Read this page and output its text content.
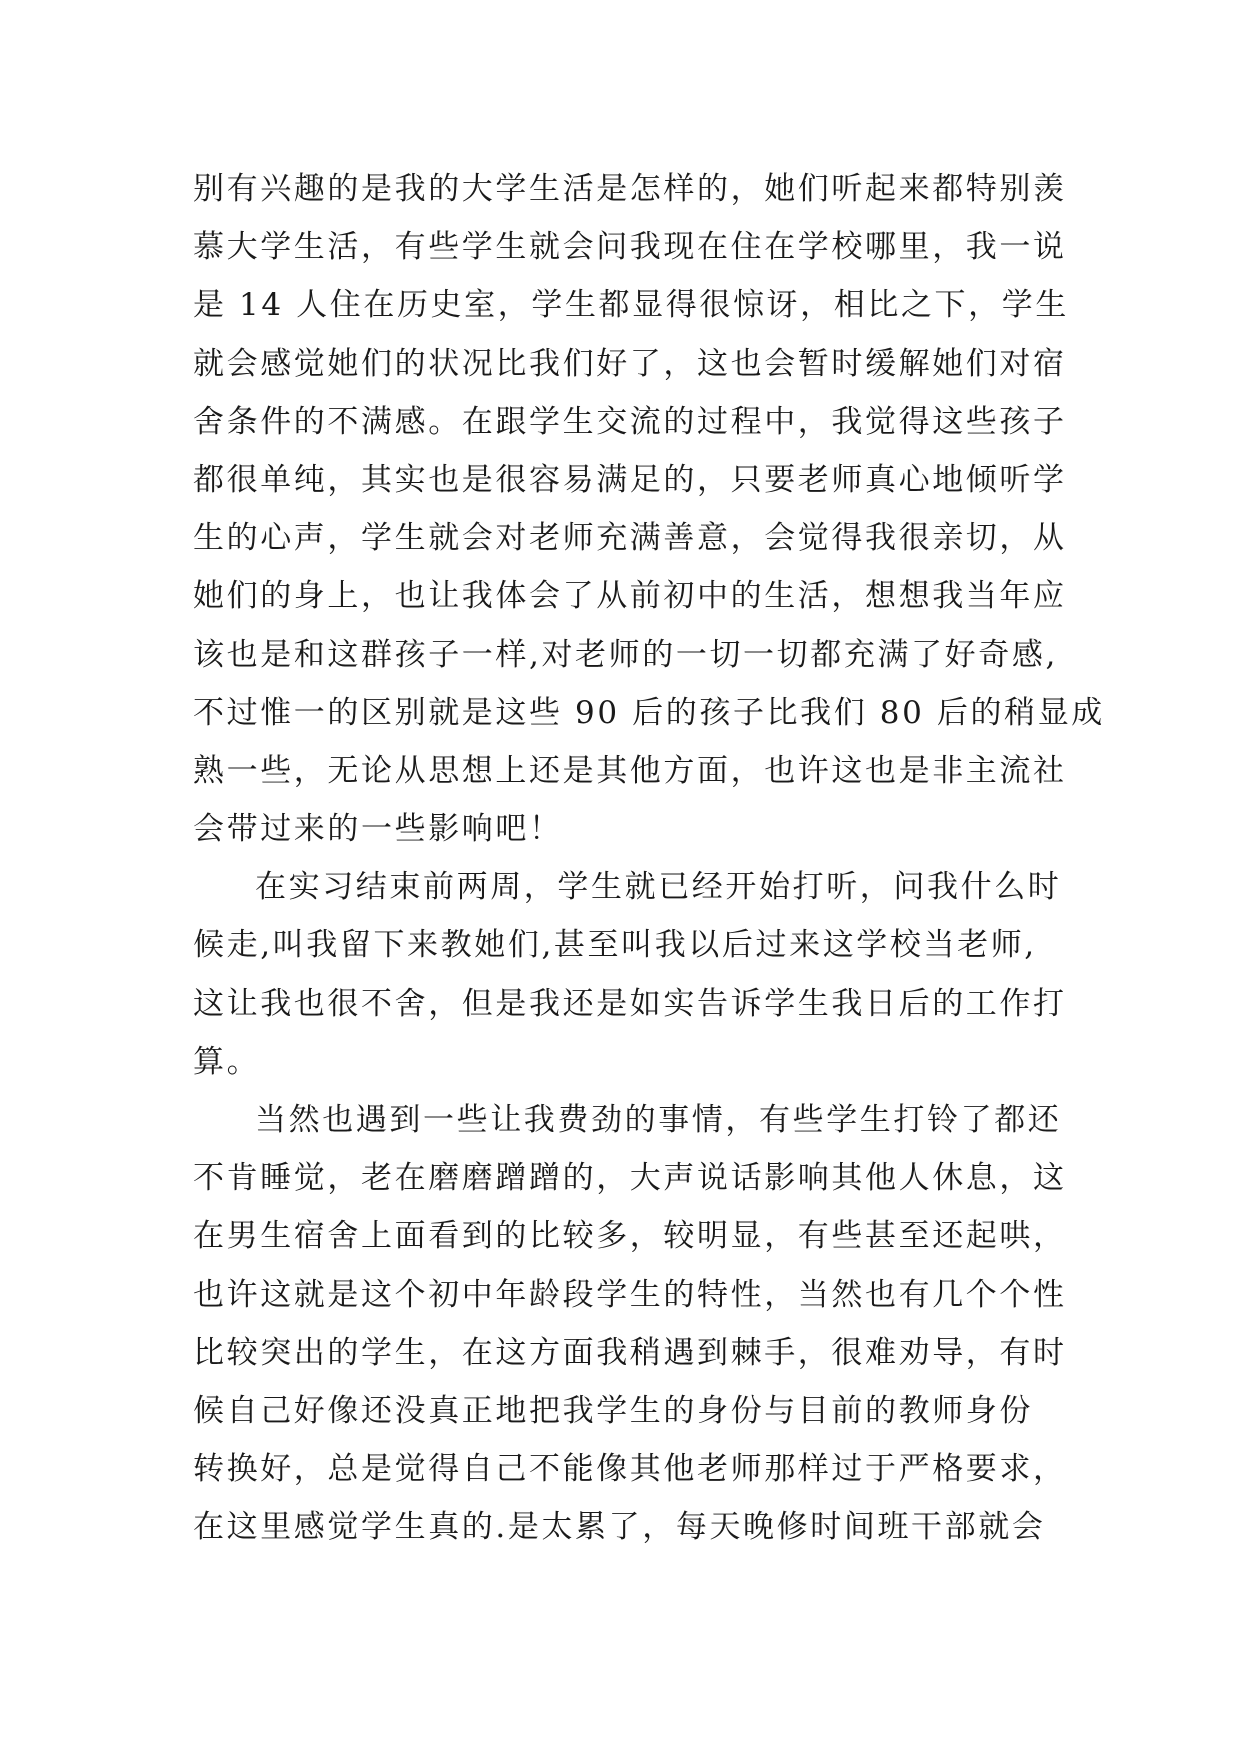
别有兴趣的是我的大学生活是怎样的，她们听起来都特别羡
慕大学生活，有些学生就会问我现在住在学校哪里，我一说
是 14 人住在历史室，学生都显得很惊讶，相比之下，学生
就会感觉她们的状况比我们好了，这也会暂时缓解她们对宿
舍条件的不满感。在跟学生交流的过程中，我觉得这些孩子
都很单纯，其实也是很容易满足的，只要老师真心地倾听学
生的心声，学生就会对老师充满善意，会觉得我很亲切，从
她们的身上，也让我体会了从前初中的生活，想想我当年应
该也是和这群孩子一样,对老师的一切一切都充满了好奇感,
不过惟一的区别就是这些 90 后的孩子比我们 80 后的稍显成
熟一些，无论从思想上还是其他方面，也许这也是非主流社
会带过来的一些影响吧！
在实习结束前两周，学生就已经开始打听，问我什么时
候走,叫我留下来教她们,甚至叫我以后过来这学校当老师,
这让我也很不舍，但是我还是如实告诉学生我日后的工作打
算。
当然也遇到一些让我费劲的事情，有些学生打铃了都还
不肯睡觉，老在磨磨蹭蹭的，大声说话影响其他人休息，这
在男生宿舍上面看到的比较多，较明显，有些甚至还起哄，
也许这就是这个初中年龄段学生的特性，当然也有几个个性
比较突出的学生，在这方面我稍遇到棘手，很难劝导，有时
候自己好像还没真正地把我学生的身份与目前的教师身份
转换好，总是觉得自己不能像其他老师那样过于严格要求，
在这里感觉学生真的.是太累了，每天晚修时间班干部就会
